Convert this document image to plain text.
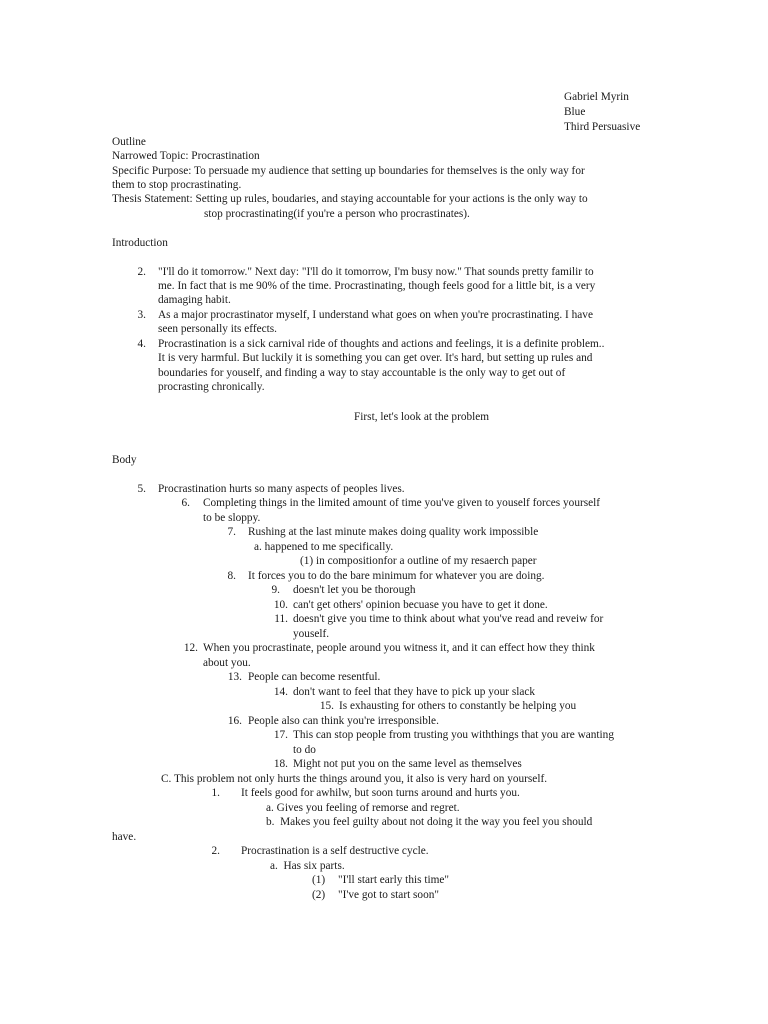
Gabriel Myrin
Blue
Third Persuasive
Outline
Narrowed Topic: Procrastination
Specific Purpose: To persuade my audience that setting up boundaries for themselves is the only way for
them to stop procrastinating.
Thesis Statement: Setting up rules, boudaries, and staying accountable for your actions is the only way to
stop procrastinating(if you're a person who procrastinates).
Introduction
2. "I'll do it tomorrow." Next day: "I'll do it tomorrow, I'm busy now." That sounds pretty familir to
me. In fact that is me 90% of the time. Procrastinating, though feels good for a little bit, is a very
damaging habit.
3. As a major procrastinator myself, I understand what goes on when you're procrastinating. I have
seen personally its effects.
4. Procrastination is a sick carnival ride of thoughts and actions and feelings, it is a definite problem..
It is very harmful. But luckily it is something you can get over. It's hard, but setting up rules and
boundaries for youself, and finding a way to stay accountable is the only way to get out of
procrasting chronically.
First, let's look at the problem
Body
5. Procrastination hurts so many aspects of peoples lives.
6. Completing things in the limited amount of time you've given to youself forces yourself
to be sloppy.
7. Rushing at the last minute makes doing quality work impossible
a. happened to me specifically.
(1) in compositionfor a outline of my resaerch paper
8. It forces you to do the bare minimum for whatever you are doing.
9. doesn't let you be thorough
10. can't get others' opinion becuase you have to get it done.
11. doesn't give you time to think about what you've read and reveiw for
youself.
12. When you procrastinate, people around you witness it, and it can effect how they think
about you.
13. People can become resentful.
14. don't want to feel that they have to pick up your slack
15. Is exhausting for others to constantly be helping you
16. People also can think you're irresponsible.
17. This can stop people from trusting you withthings that you are wanting
to do
18. Might not put you on the same level as themselves
C. This problem not only hurts the things around you, it also is very hard on yourself.
1. It feels good for awhilw, but soon turns around and hurts you.
a. Gives you feeling of remorse and regret.
b.  Makes you feel guilty about not doing it the way you feel you should
have.
2. Procrastination is a self destructive cycle.
a.  Has six parts.
(1) "I'll start early this time"
(2) "I've got to start soon"
